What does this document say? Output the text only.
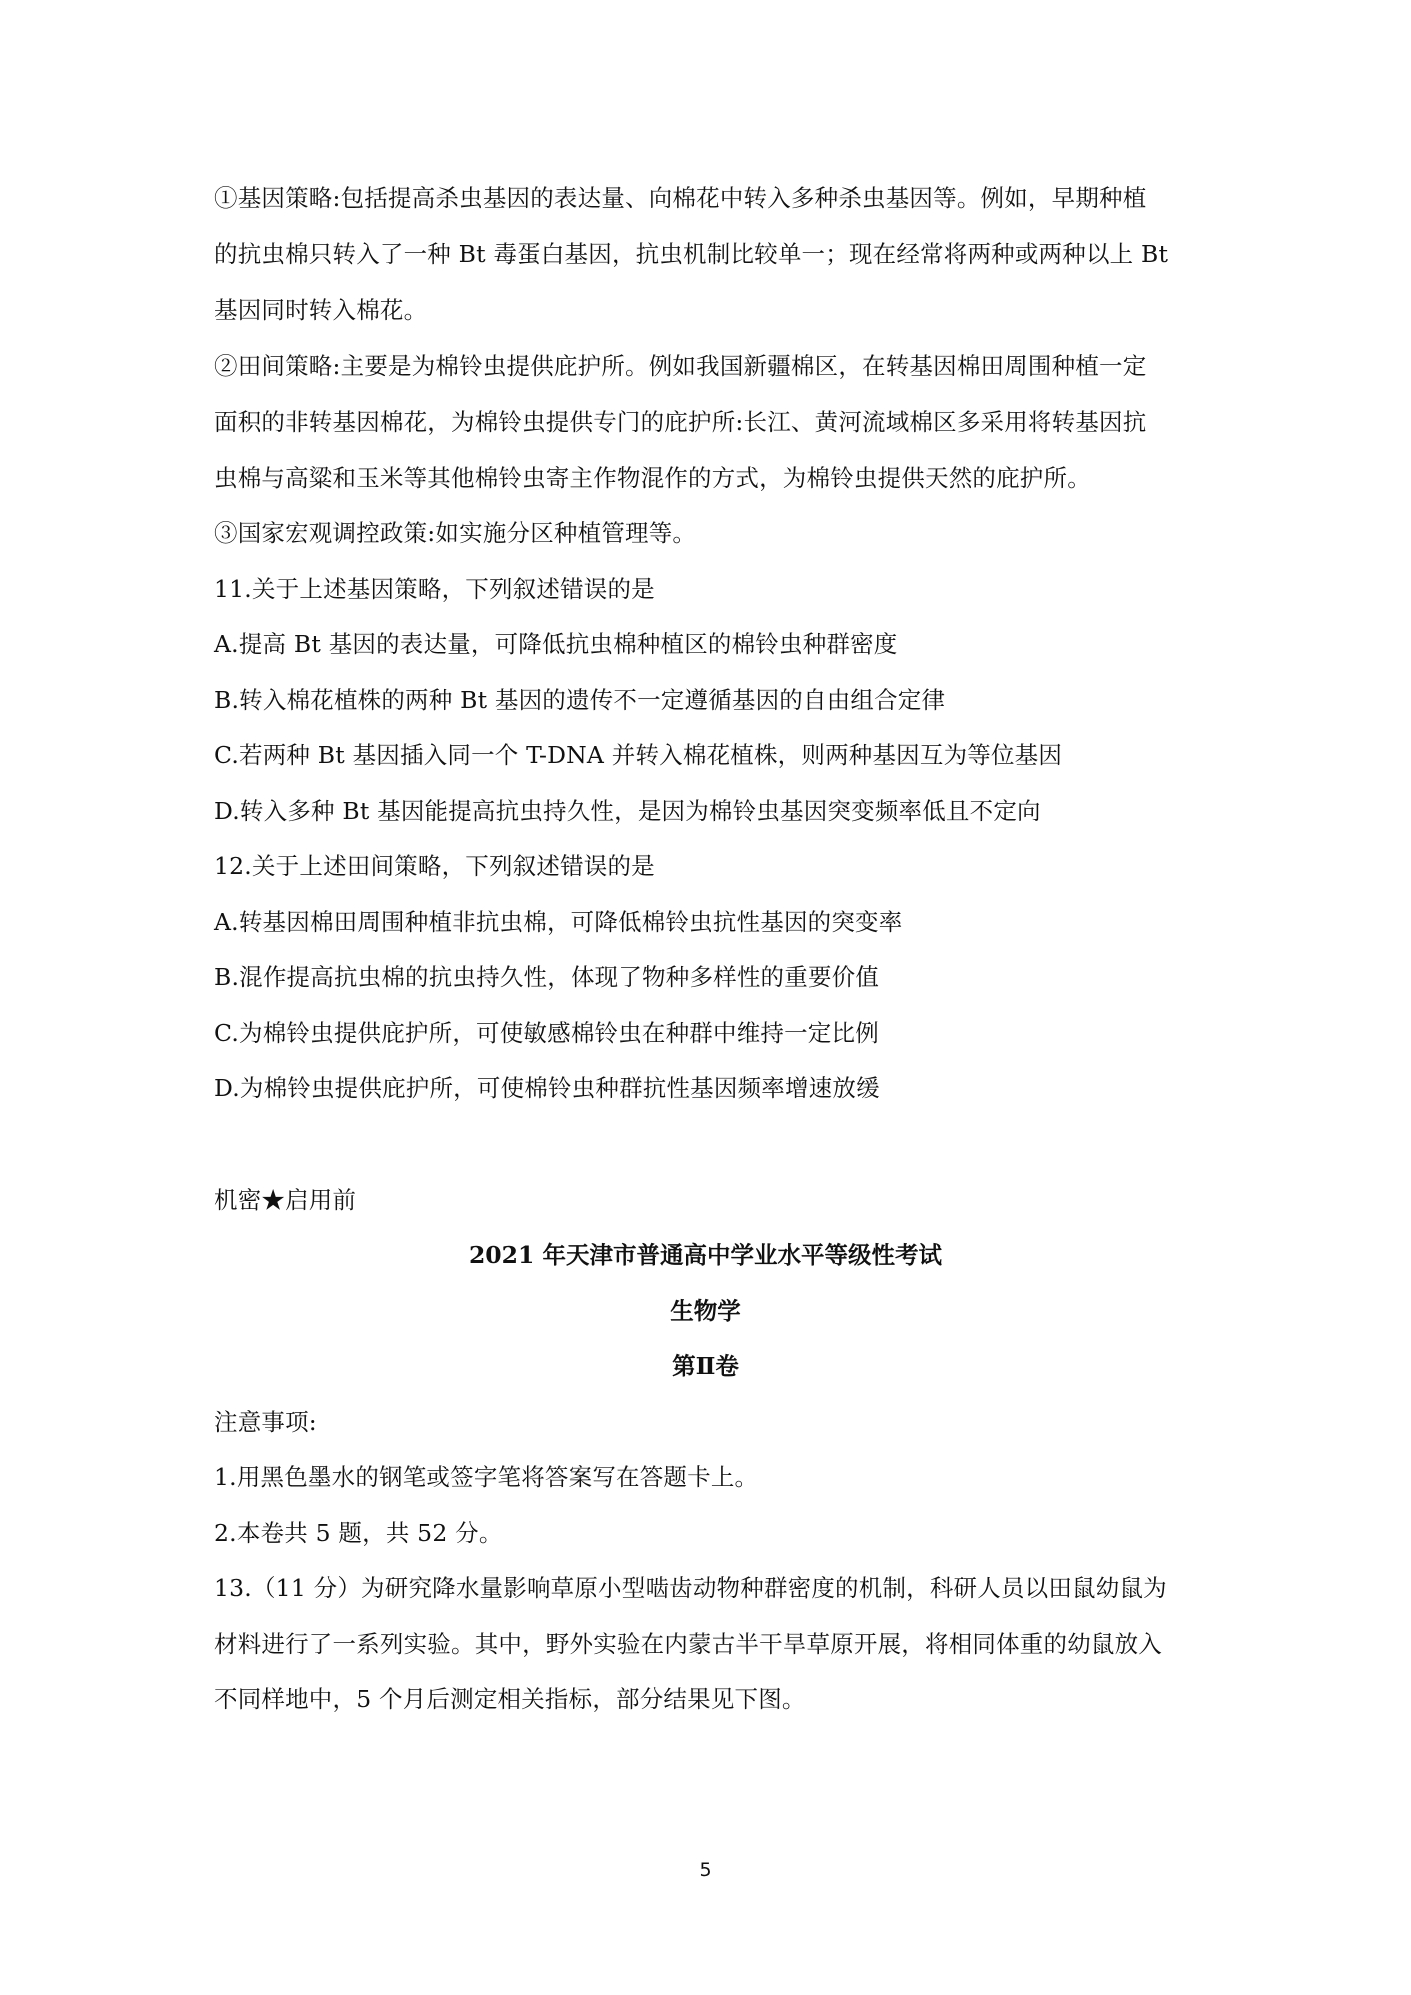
①基因策略:包括提高杀虫基因的表达量、向棉花中转入多种杀虫基因等。例如，早期种植
的抗虫棉只转入了一种 Bt 毒蛋白基因，抗虫机制比较单一；现在经常将两种或两种以上 Bt
基因同时转入棉花。
②田间策略:主要是为棉铃虫提供庇护所。例如我国新疆棉区，在转基因棉田周围种植一定
面积的非转基因棉花，为棉铃虫提供专门的庇护所:长江、黄河流域棉区多采用将转基因抗
虫棉与高粱和玉米等其他棉铃虫寄主作物混作的方式，为棉铃虫提供天然的庇护所。
③国家宏观调控政策:如实施分区种植管理等。
11.关于上述基因策略，下列叙述错误的是
A.提高 Bt 基因的表达量，可降低抗虫棉种植区的棉铃虫种群密度
B.转入棉花植株的两种 Bt 基因的遗传不一定遵循基因的自由组合定律
C.若两种 Bt 基因插入同一个 T-DNA 并转入棉花植株，则两种基因互为等位基因
D.转入多种 Bt 基因能提高抗虫持久性，是因为棉铃虫基因突变频率低且不定向
12.关于上述田间策略，下列叙述错误的是
A.转基因棉田周围种植非抗虫棉，可降低棉铃虫抗性基因的突变率
B.混作提高抗虫棉的抗虫持久性，体现了物种多样性的重要价值
C.为棉铃虫提供庇护所，可使敏感棉铃虫在种群中维持一定比例
D.为棉铃虫提供庇护所，可使棉铃虫种群抗性基因频率增速放缓
机密★启用前
2021 年天津市普通高中学业水平等级性考试
生物学
第Ⅱ卷
注意事项:
1.用黑色墨水的钢笔或签字笔将答案写在答题卡上。
2.本卷共 5 题，共 52 分。
13.（11 分）为研究降水量影响草原小型啮齿动物种群密度的机制，科研人员以田鼠幼鼠为
材料进行了一系列实验。其中，野外实验在内蒙古半干旱草原开展，将相同体重的幼鼠放入
不同样地中，5 个月后测定相关指标，部分结果见下图。
5
